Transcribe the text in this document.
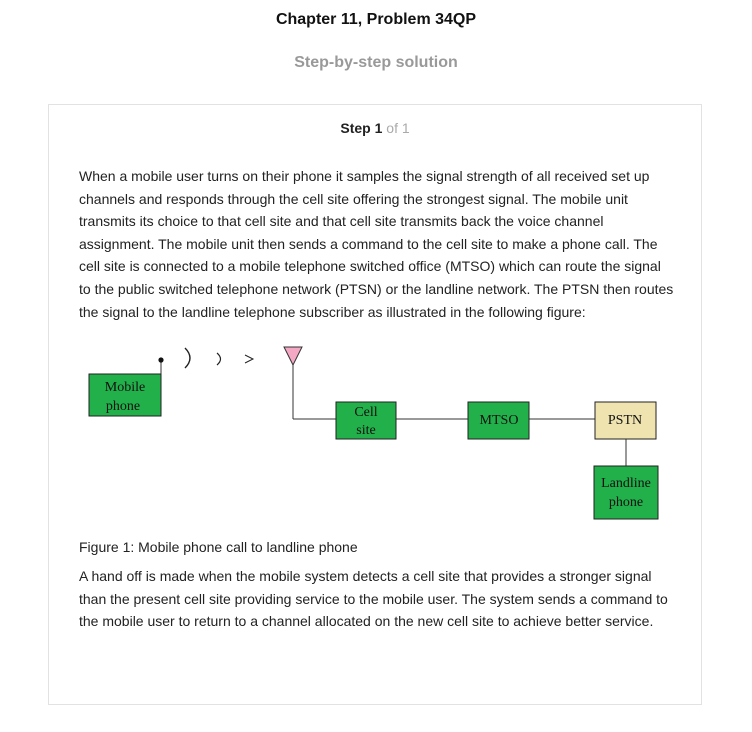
Chapter 11, Problem 34QP
Step-by-step solution
Step 1 of 1
When a mobile user turns on their phone it samples the signal strength of all received set up channels and responds through the cell site offering the strongest signal. The mobile unit transmits its choice to that cell site and that cell site transmits back the voice channel assignment. The mobile unit then sends a command to the cell site to make a phone call. The cell site is connected to a mobile telephone switched office (MTSO) which can route the signal to the public switched telephone network (PTSN) or the landline network. The PTSN then routes the signal to the landline telephone subscriber as illustrated in the following figure:
Mobile
phone	Cell
site
MTSO	PSTN
Landline
phone
Figure 1: Mobile phone call to landline phone
A hand off is made when the mobile system detects a cell site that provides a stronger signal than the present cell site providing service to the mobile user. The system sends a command to the mobile user to return to a channel allocated on the new cell site to achieve better service.
